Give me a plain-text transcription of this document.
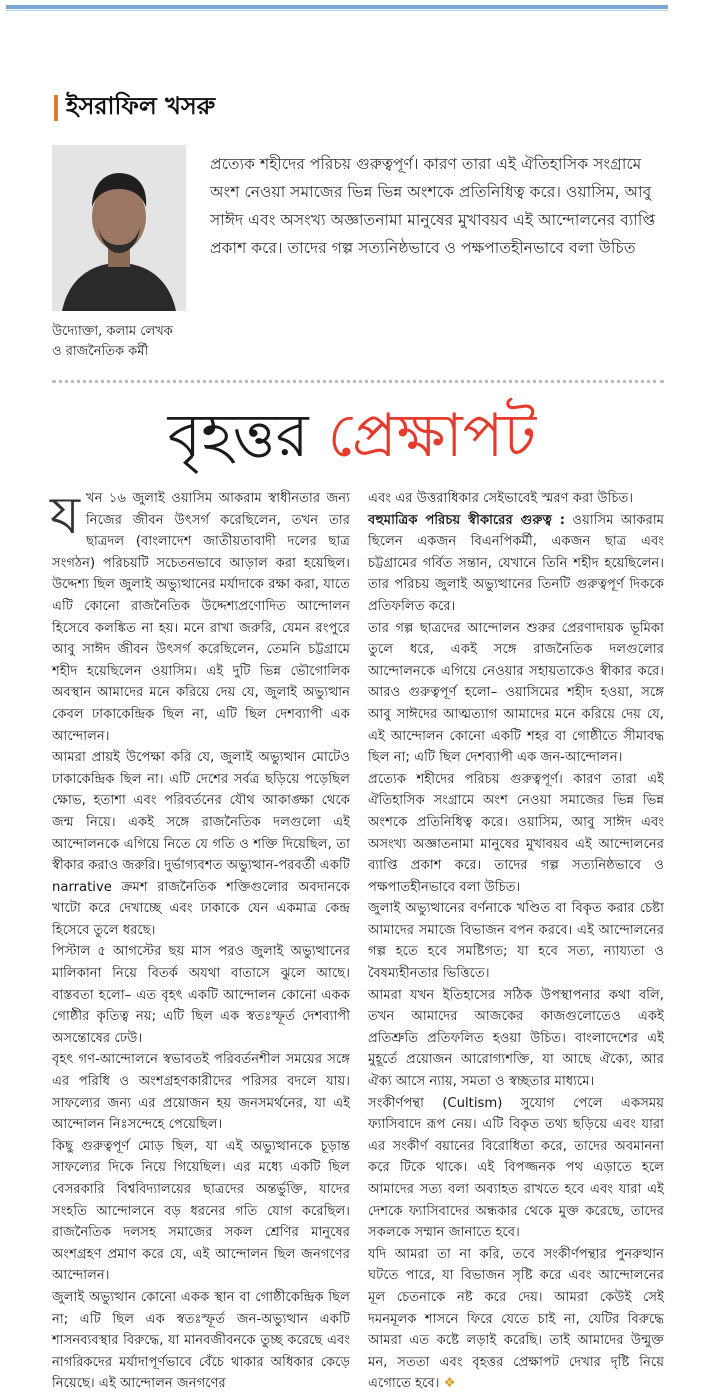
ইসরাফিল খসরু
উদ্যোক্তা, কলাম লেখক
ও রাজনৈতিক কর্মী
প্রত্যেক শহীদের পরিচয় গুরুত্বপূর্ণ। কারণ তারা এই ঐতিহাসিক সংগ্রামে অংশ নেওয়া সমাজের ভিন্ন ভিন্ন অংশকে প্রতিনিধিত্ব করে। ওয়াসিম, আবু সাঈদ এবং অসংখ্য অজ্ঞাতনামা মানুষের মুখাবয়ব এই আন্দোলনের ব্যাপ্তি প্রকাশ করে। তাদের গল্প সত্যনিষ্ঠভাবে ও পক্ষপাতহীনভাবে বলা উচিত
বৃহত্তর প্রেক্ষাপট

যখন ১৬ জুলাই ওয়াসিম আকরাম স্বাধীনতার জন্য নিজের জীবন উৎসর্গ করেছিলেন, তখন তার ছাত্রদল (বাংলাদেশ জাতীয়তাবাদী দলের ছাত্র সংগঠন) পরিচয়টি সচেতনভাবে আড়াল করা হয়েছিল। উদ্দেশ্য ছিল জুলাই অভ্যুত্থানের মর্যাদাকে রক্ষা করা, যাতে এটি কোনো রাজনৈতিক উদ্দেশ্যপ্রণোদিত আন্দোলন হিসেবে কলঙ্কিত না হয়। মনে রাখা জরুরি, যেমন রংপুরে আবু সাঈদ জীবন উৎসর্গ করেছিলেন, তেমনি চট্টগ্রামে শহীদ হয়েছিলেন ওয়াসিম। এই দুটি ভিন্ন ভৌগোলিক অবস্থান আমাদের মনে করিয়ে দেয় যে, জুলাই অভ্যুত্থান কেবল ঢাকাকেন্দ্রিক ছিল না, এটি ছিল দেশব্যাপী এক আন্দোলন।

আমরা প্রায়ই উপেক্ষা করি যে, জুলাই অভ্যুত্থান মোটেও ঢাকাকেন্দ্রিক ছিল না। এটি দেশের সর্বত্র ছড়িয়ে পড়েছিল ক্ষোভ, হতাশা এবং পরিবর্তনের যৌথ আকাঙ্ক্ষা থেকে জন্ম নিয়ে। একই সঙ্গে রাজনৈতিক দলগুলো এই আন্দোলনকে এগিয়ে নিতে যে গতি ও শক্তি দিয়েছিল, তা স্বীকার করাও জরুরি। দুর্ভাগ্যবশত অভ্যুত্থান-পরবর্তী একটি narrative ক্রমশ রাজনৈতিক শক্তিগুলোর অবদানকে খাটো করে দেখাচ্ছে এবং ঢাকাকে যেন একমাত্র কেন্দ্র হিসেবে তুলে ধরছে।

পিস্টাল ৫ আগস্টের ছয় মাস পরও জুলাই অভ্যুত্থানের মালিকানা নিয়ে বিতর্ক অযথা বাতাসে ঝুলে আছে। বাস্তবতা হলো– এত বৃহৎ একটি আন্দোলন কোনো একক গোষ্ঠীর কৃতিত্ব নয়; এটি ছিল এক স্বতঃস্ফূর্ত দেশব্যাপী অসন্তোষের ঢেউ।

বৃহৎ গণ-আন্দোলনে স্বভাবতই পরিবর্তনশীল সময়ের সঙ্গে এর পরিধি ও অংশগ্রহণকারীদের পরিসর বদলে যায়। সাফল্যের জন্য এর প্রয়োজন হয় জনসমর্থনের, যা এই আন্দোলন নিঃসন্দেহে পেয়েছিল।

কিছু গুরুত্বপূর্ণ মোড় ছিল, যা এই অভ্যুত্থানকে চূড়ান্ত সাফল্যের দিকে নিয়ে গিয়েছিল। এর মধ্যে একটি ছিল বেসরকারি বিশ্ববিদ্যালয়ের ছাত্রদের অন্তর্ভুক্তি, যাদের সংহতি আন্দোলনে বড় ধরনের গতি যোগ করেছিল। রাজনৈতিক দলসহ সমাজের সকল শ্রেণির মানুষের অংশগ্রহণ প্রমাণ করে যে, এই আন্দোলন ছিল জনগণের আন্দোলন।

জুলাই অভ্যুত্থান কোনো একক স্থান বা গোষ্ঠীকেন্দ্রিক ছিল না; এটি ছিল এক স্বতঃস্ফূর্ত জন-অভ্যুত্থান একটি শাসনব্যবস্থার বিরুদ্ধে, যা মানবজীবনকে তুচ্ছ করেছে এবং নাগরিকদের মর্যাদাপূর্ণভাবে বেঁচে থাকার অধিকার কেড়ে নিয়েছে। এই আন্দোলন জনগণের

এবং এর উত্তরাধিকার সেইভাবেই স্মরণ করা উচিত।

বহুমাত্রিক পরিচয় স্বীকারের গুরুত্ব : ওয়াসিম আকরাম ছিলেন একজন বিএনপিকর্মী, একজন ছাত্র এবং চট্টগ্রামের গর্বিত সন্তান, যেখানে তিনি শহীদ হয়েছিলেন। তার পরিচয় জুলাই অভ্যুত্থানের তিনটি গুরুত্বপূর্ণ দিককে প্রতিফলিত করে।

তার গল্প ছাত্রদের আন্দোলন শুরুর প্রেরণাদায়ক ভূমিকা তুলে ধরে, একই সঙ্গে রাজনৈতিক দলগুলোর আন্দোলনকে এগিয়ে নেওয়ার সহায়তাকেও স্বীকার করে। আরও গুরুত্বপূর্ণ হলো– ওয়াসিমের শহীদ হওয়া, সঙ্গে আবু সাঈদের আত্মত্যাগ আমাদের মনে করিয়ে দেয় যে, এই আন্দোলন কোনো একটি শহর বা গোষ্ঠীতে সীমাবদ্ধ ছিল না; এটি ছিল দেশব্যাপী এক জন-আন্দোলন।

প্রত্যেক শহীদের পরিচয় গুরুত্বপূর্ণ। কারণ তারা এই ঐতিহাসিক সংগ্রামে অংশ নেওয়া সমাজের ভিন্ন ভিন্ন অংশকে প্রতিনিধিত্ব করে। ওয়াসিম, আবু সাঈদ এবং অসংখ্য অজ্ঞাতনামা মানুষের মুখাবয়ব এই আন্দোলনের ব্যাপ্তি প্রকাশ করে। তাদের গল্প সত্যনিষ্ঠভাবে ও পক্ষপাতহীনভাবে বলা উচিত।

জুলাই অভ্যুত্থানের বর্ণনাকে খণ্ডিত বা বিকৃত করার চেষ্টা আমাদের সমাজে বিভাজন বপন করবে। এই আন্দোলনের গল্প হতে হবে সমষ্টিগত; যা হবে সত্য, ন্যায্যতা ও বৈষম্যহীনতার ভিত্তিতে।

আমরা যখন ইতিহাসের সঠিক উপস্থাপনার কথা বলি, তখন আমাদের আজকের কাজগুলোতেও একই প্রতিশ্রুতি প্রতিফলিত হওয়া উচিত। বাংলাদেশের এই মুহূর্তে প্রয়োজন আরোগ্যশক্তি, যা আছে ঐক্যে, আর ঐক্য আসে ন্যায়, সমতা ও স্বচ্ছতার মাধ্যমে।

সংকীর্ণপন্থা (Cultism) সুযোগ পেলে একসময় ফ্যাসিবাদে রূপ নেয়। এটি বিকৃত তথ্য ছড়িয়ে এবং যারা এর সংকীর্ণ বয়ানের বিরোধিতা করে, তাদের অবমাননা করে টিকে থাকে। এই বিপজ্জনক পথ এড়াতে হলে আমাদের সত্য বলা অব্যাহত রাখতে হবে এবং যারা এই দেশকে ফ্যাসিবাদের অন্ধকার থেকে মুক্ত করেছে, তাদের সকলকে সম্মান জানাতে হবে।

যদি আমরা তা না করি, তবে সংকীর্ণপন্থার পুনরুত্থান ঘটতে পারে, যা বিভাজন সৃষ্টি করে এবং আন্দোলনের মূল চেতনাকে নষ্ট করে দেয়। আমরা কেউই সেই দমনমূলক শাসনে ফিরে যেতে চাই না, যেটির বিরুদ্ধে আমরা এত কষ্টে লড়াই করেছি। তাই আমাদের উন্মুক্ত মন, সততা এবং বৃহত্তর প্রেক্ষাপট দেখার দৃষ্টি নিয়ে এগোতে হবে। ❖
